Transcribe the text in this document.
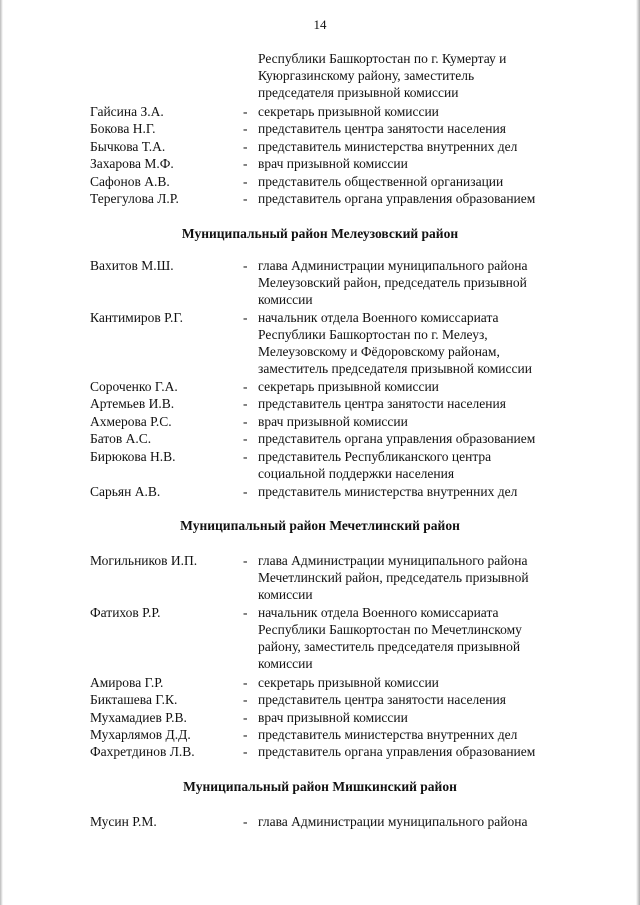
14
Республики Башкортостан по г. Кумертау и
Куюргазинскому району, заместитель
председателя призывной комиссии
Гайсина З.А.	- секретарь призывной комиссии
Бокова Н.Г.	- представитель центра занятости населения
Бычкова Т.А.	- представитель министерства внутренних дел
Захарова М.Ф.	- врач призывной комиссии
Сафонов А.В.	- представитель общественной организации
Терегулова Л.Р.	- представитель органа управления образованием
Муниципальный район Мелеузовский район
Вахитов М.Ш.	- глава Администрации муниципального района
Мелеузовский район, председатель призывной
комиссии
Кантимиров Р.Г.	- начальник отдела Военного комиссариата
Республики Башкортостан по г. Мелеуз,
Мелеузовскому и Фёдоровскому районам,
заместитель председателя призывной комиссии
Сороченко Г.А.	- секретарь призывной комиссии
Артемьев И.В.	- представитель центра занятости населения
Ахмерова Р.С.	- врач призывной комиссии
Батов А.С.	- представитель органа управления образованием
Бирюкова Н.В.	- представитель Республиканского центра
социальной поддержки населения
Сарьян А.В.	- представитель министерства внутренних дел
Муниципальный район Мечетлинский район
Могильников И.П.	- глава Администрации муниципального района
Мечетлинский район, председатель призывной
комиссии
Фатихов Р.Р.	- начальник отдела Военного комиссариата
Республики Башкортостан по Мечетлинскому
району, заместитель председателя призывной
комиссии
Амирова Г.Р.	- секретарь призывной комиссии
Бикташева Г.К.	- представитель центра занятости населения
Мухамадиев Р.В.	- врач призывной комиссии
Мухарлямов Д.Д.	- представитель министерства внутренних дел
Фахретдинов Л.В.	- представитель органа управления образованием
Муниципальный район Мишкинский район
Мусин Р.М.	- глава Администрации муниципального района
